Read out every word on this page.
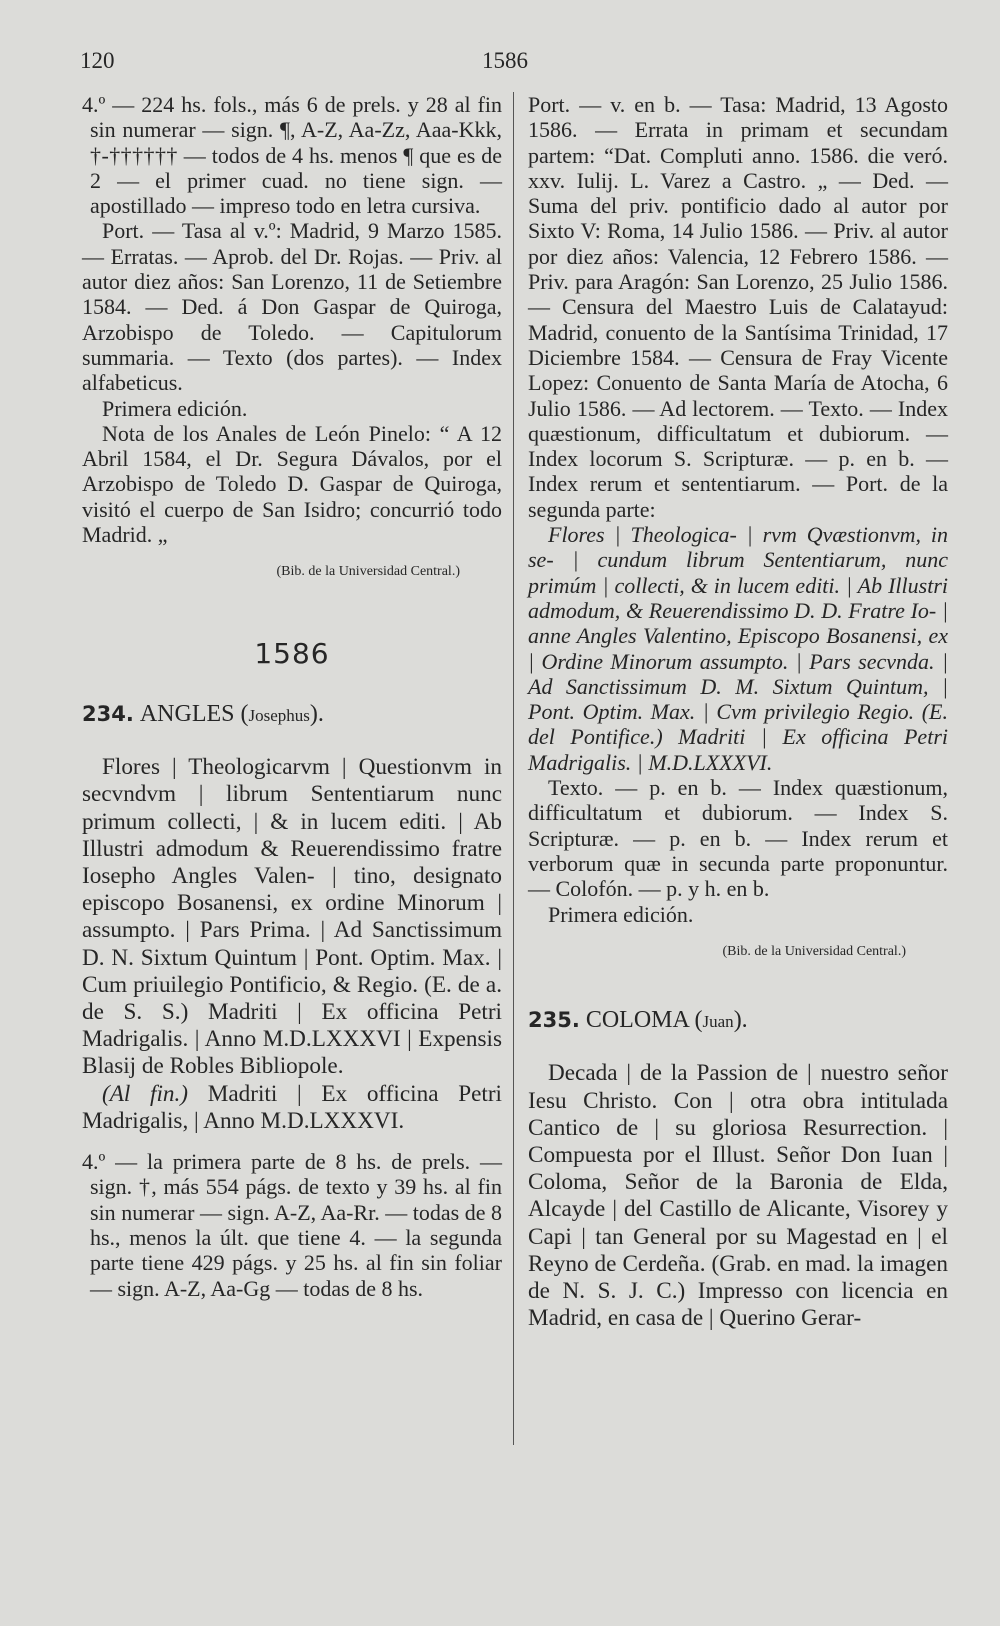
120	1586

4.º — 224 hs. fols., más 6 de prels. y 28 al fin sin numerar — sign. ¶, A-Z, Aa-Zz, Aaa-Kkk, †-†††††† — todos de 4 hs. menos ¶ que es de 2 — el primer cuad. no tiene sign. — apostillado — impreso todo en letra cursiva.

Port. — Tasa al v.º: Madrid, 9 Marzo 1585. — Erratas. — Aprob. del Dr. Rojas. — Priv. al autor diez años: San Lorenzo, 11 de Setiembre 1584. — Ded. á Don Gaspar de Quiroga, Arzobispo de Toledo. — Capitulorum summaria. — Texto (dos partes). — Index alfabeticus.

Primera edición.

Nota de los Anales de León Pinelo: “ A 12 Abril 1584, el Dr. Segura Dávalos, por el Arzobispo de Toledo D. Gaspar de Quiroga, visitó el cuerpo de San Isidro; concurrió todo Madrid. „

(Bib. de la Universidad Central.)

1586

234. ANGLES (Josephus).

Flores | Theologicarvm | Questionvm in secvndvm | librum Sententiarum nunc primum collecti, | & in lucem editi. | Ab Illustri admodum & Reuerendissimo fratre Iosepho Angles Valen- | tino, designato episcopo Bosanensi, ex ordine Minorum | assumpto. | Pars Prima. | Ad Sanctissimum D. N. Sixtum Quintum | Pont. Optim. Max. | Cum priuilegio Pontificio, & Regio. (E. de a. de S. S.) Madriti | Ex officina Petri Madrigalis. | Anno M.D.LXXXVI | Expensis Blasij de Robles Bibliopole.

(Al fin.) Madriti | Ex officina Petri Madrigalis, | Anno M.D.LXXXVI.

4.º — la primera parte de 8 hs. de prels. — sign. †, más 554 págs. de texto y 39 hs. al fin sin numerar — sign. A-Z, Aa-Rr. — todas de 8 hs., menos la últ. que tiene 4. — la segunda parte tiene 429 págs. y 25 hs. al fin sin foliar — sign. A-Z, Aa-Gg — todas de 8 hs.

Port. — v. en b. — Tasa: Madrid, 13 Agosto 1586. — Errata in primam et secundam partem: “Dat. Compluti anno. 1586. die veró. xxv. Iulij. L. Varez a Castro. „ — Ded. — Suma del priv. pontificio dado al autor por Sixto V: Roma, 14 Julio 1586. — Priv. al autor por diez años: Valencia, 12 Febrero 1586. — Priv. para Aragón: San Lorenzo, 25 Julio 1586. — Censura del Maestro Luis de Calatayud: Madrid, conuento de la Santísima Trinidad, 17 Diciembre 1584. — Censura de Fray Vicente Lopez: Conuento de Santa María de Atocha, 6 Julio 1586. — Ad lectorem. — Texto. — Index quæstionum, difficultatum et dubiorum. — Index locorum S. Scripturæ. — p. en b. — Index rerum et sententiarum. — Port. de la segunda parte:

Flores | Theologica- | rvm Qvæstionvm, in se- | cundum librum Sententiarum, nunc primúm | collecti, & in lucem editi. | Ab Illustri admodum, & Reuerendissimo D. D. Fratre Io- | anne Angles Valentino, Episcopo Bosanensi, ex | Ordine Minorum assumpto. | Pars secvnda. | Ad Sanctissimum D. M. Sixtum Quintum, | Pont. Optim. Max. | Cvm privilegio Regio. (E. del Pontifice.) Madriti | Ex officina Petri Madrigalis. | M.D.LXXXVI.

Texto. — p. en b. — Index quæstionum, difficultatum et dubiorum. — Index S. Scripturæ. — p. en b. — Index rerum et verborum quæ in secunda parte proponuntur. — Colofón. — p. y h. en b.

Primera edición.

(Bib. de la Universidad Central.)

235. COLOMA (Juan).

Decada | de la Passion de | nuestro señor Iesu Christo. Con | otra obra intitulada Cantico de | su gloriosa Resurrection. | Compuesta por el Illust. Señor Don Iuan | Coloma, Señor de la Baronia de Elda, Alcayde | del Castillo de Alicante, Visorey y Capi | tan General por su Magestad en | el Reyno de Cerdeña. (Grab. en mad. la imagen de N. S. J. C.) Impresso con licencia en Madrid, en casa de | Querino Gerar-
